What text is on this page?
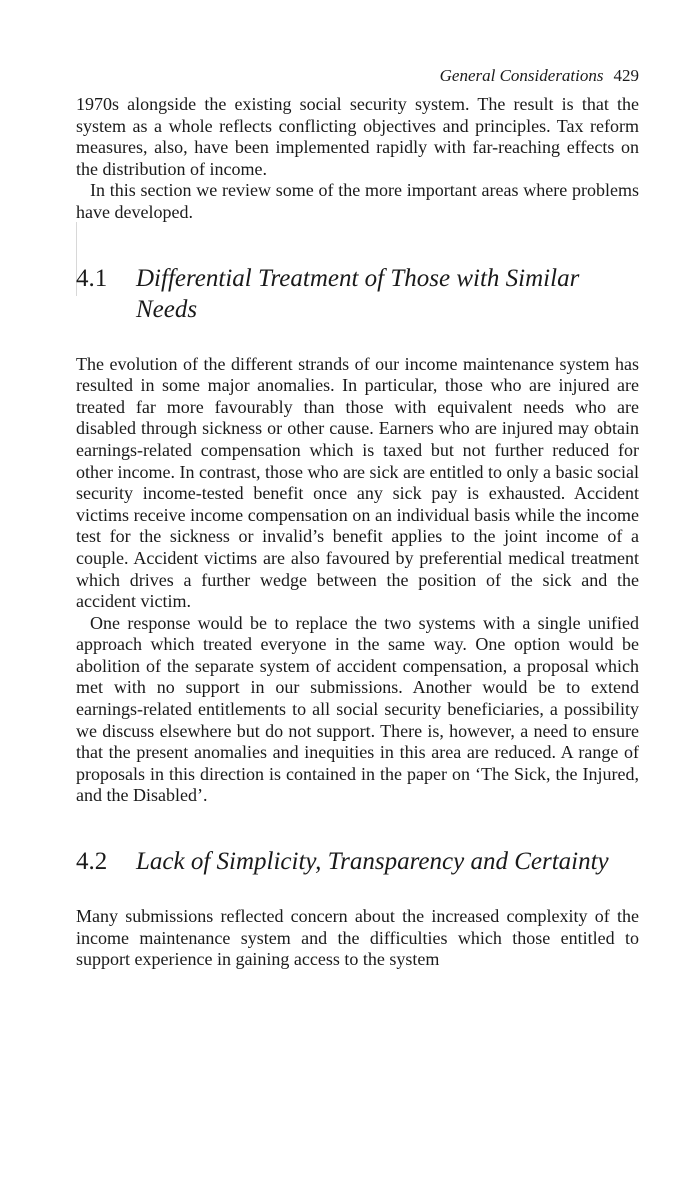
General Considerations 429

1970s alongside the existing social security system. The result is that the system as a whole reflects conflicting objectives and principles. Tax reform measures, also, have been implemented rapidly with far-reaching effects on the distribution of income.

In this section we review some of the more important areas where problems have developed.

4.1	Differential Treatment of Those with Similar Needs

The evolution of the different strands of our income maintenance system has resulted in some major anomalies. In particular, those who are injured are treated far more favourably than those with equivalent needs who are disabled through sickness or other cause. Earners who are injured may obtain earnings-related compensation which is taxed but not further reduced for other income. In contrast, those who are sick are entitled to only a basic social security income-tested benefit once any sick pay is exhausted. Accident victims receive income compensation on an individual basis while the income test for the sickness or invalid’s benefit applies to the joint income of a couple. Accident victims are also favoured by preferential medical treatment which drives a further wedge between the position of the sick and the accident victim.

One response would be to replace the two systems with a single unified approach which treated everyone in the same way. One option would be abolition of the separate system of accident compensation, a proposal which met with no support in our submissions. Another would be to extend earnings-related entitlements to all social security beneficiaries, a possibility we discuss elsewhere but do not support. There is, however, a need to ensure that the present anomalies and inequities in this area are reduced. A range of proposals in this direction is contained in the paper on ‘The Sick, the Injured, and the Disabled’.

4.2	Lack of Simplicity, Transparency and Certainty

Many submissions reflected concern about the increased complexity of the income maintenance system and the difficulties which those entitled to support experience in gaining access to the system
